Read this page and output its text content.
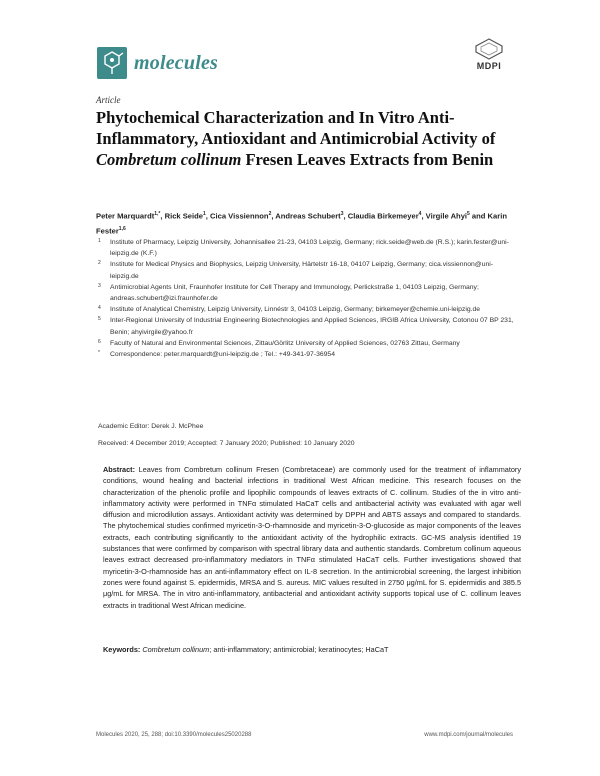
molecules	MDPI
Article
Phytochemical Characterization and In Vitro Anti-Inflammatory, Antioxidant and Antimicrobial Activity of Combretum collinum Fresen Leaves Extracts from Benin
Peter Marquardt$^{1,*}$, Rick Seide$^1$, Cica Vissiennon$^2$, Andreas Schubert$^3$, Claudia Birkemeyer$^4$, Virgile Ahyi$^5$ and Karin Fester$^{1,6}$
1 Institute of Pharmacy, Leipzig University, Johannisallee 21-23, 04103 Leipzig, Germany; rick.seide@web.de (R.S.); karin.fester@uni-leipzig.de (K.F.)
2 Institute for Medical Physics and Biophysics, Leipzig University, Härtelstr 16-18, 04107 Leipzig, Germany; cica.vissiennon@uni-leipzig.de
3 Antimicrobial Agents Unit, Fraunhofer Institute for Cell Therapy and Immunology, Perlickstraße 1, 04103 Leipzig, Germany; andreas.schubert@izi.fraunhofer.de
4 Institute of Analytical Chemistry, Leipzig University, Linnéstr 3, 04103 Leipzig, Germany; birkemeyer@chemie.uni-leipzig.de
5 Inter-Regional University of Industrial Engineering Biotechnologies and Applied Sciences, IRGIB Africa University, Cotonou 07 BP 231, Benin; ahyivirgile@yahoo.fr
6 Faculty of Natural and Environmental Sciences, Zittau/Görlitz University of Applied Sciences, 02763 Zittau, Germany
* Correspondence: peter.marquardt@uni-leipzig.de ; Tel.: +49-341-97-36954
Academic Editor: Derek J. McPhee
Received: 4 December 2019; Accepted: 7 January 2020; Published: 10 January 2020
Abstract: Leaves from Combretum collinum Fresen (Combretaceae) are commonly used for the treatment of inflammatory conditions, wound healing and bacterial infections in traditional West African medicine. This research focuses on the characterization of the phenolic profile and lipophilic compounds of leaves extracts of C. collinum. Studies of the in vitro anti-inflammatory activity were performed in TNFα stimulated HaCaT cells and antibacterial activity was evaluated with agar well diffusion and microdilution assays. Antioxidant activity was determined by DPPH and ABTS assays and compared to standards. The phytochemical studies confirmed myricetin-3-O-rhamnoside and myricetin-3-O-glucoside as major components of the leaves extracts, each contributing significantly to the antioxidant activity of the hydrophilic extracts. GC-MS analysis identified 19 substances that were confirmed by comparison with spectral library data and authentic standards. Combretum collinum aqueous leaves extract decreased pro-inflammatory mediators in TNFα stimulated HaCaT cells. Further investigations showed that myricetin-3-O-rhamnoside has an anti-inflammatory effect on IL-8 secretion. In the antimicrobial screening, the largest inhibition zones were found against S. epidermidis, MRSA and S. aureus. MIC values resulted in 2750 μg/mL for S. epidermidis and 385.5 μg/mL for MRSA. The in vitro anti-inflammatory, antibacterial and antioxidant activity supports topical use of C. collinum leaves extracts in traditional West African medicine.
Keywords: Combretum collinum; anti-inflammatory; antimicrobial; keratinocytes; HaCaT
Molecules 2020, 25, 288; doi:10.3390/molecules25020288	www.mdpi.com/journal/molecules
